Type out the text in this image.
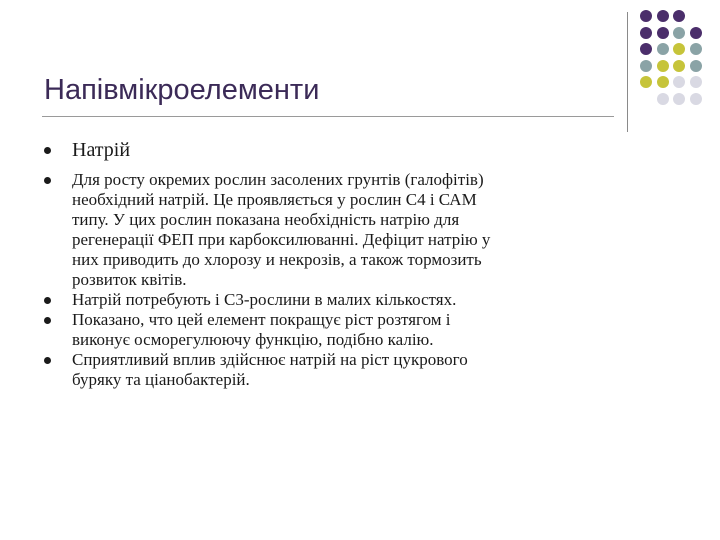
Напівмікроелементи
Натрій
Для росту окремих рослин засолених грунтів (галофітів)
необхідний натрій. Це проявляється у рослин С4 і САМ
типу. У цих рослин показана необхідність натрію для
регенерації ФЕП при карбоксилюванні. Дефіцит натрію у
них приводить до хлорозу и некрозів, а також тормозить
розвиток квітів.
Натрій потребують і С3-рослини в малих кількостях.
Показано, что цей елемент покращує ріст розтягом і
виконує осморегулюючу функцію, подібно калію.
Сприятливий вплив здійснює натрій на ріст цукрового
буряку та ціанобактерій.
